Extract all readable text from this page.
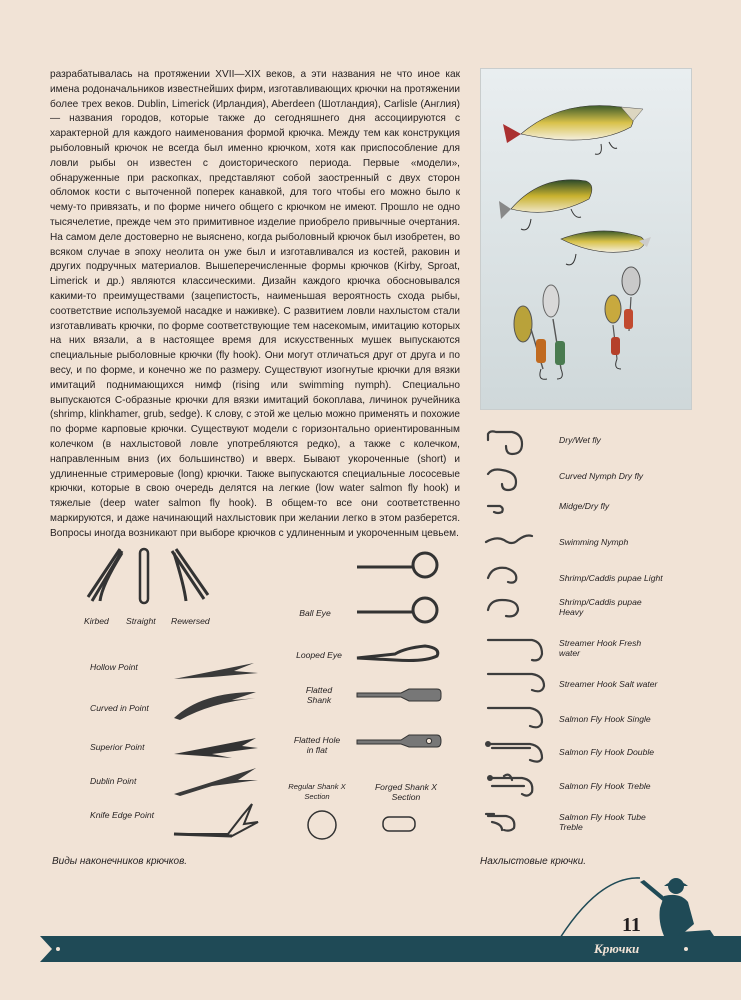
разрабатывалась на протяжении XVII—XIX веков, а эти названия не что иное как имена родоначальников известнейших фирм, изготавливающих крючки на протяжении более трех веков. Dublin, Limerick (Ирландия), Aberdeen (Шотландия), Carlisle (Англия) — названия городов, которые также до сегодняшнего дня ассоциируются с характерной для каждого наименования формой крючка. Между тем как конструкция рыболовный крючок не всегда был именно крючком, хотя как приспособление для ловли рыбы он известен с доисторического периода. Первые «модели», обнаруженные при раскопках, представляют собой заостренный с двух сторон обломок кости с выточенной поперек канавкой, для того чтобы его можно было к чему-то привязать, и по форме ничего общего с крючком не имеют. Прошло не одно тысячелетие, прежде чем это примитивное изделие приобрело привычные очертания. На самом деле достоверно не выяснено, когда рыболовный крючок был изобретен, во всяком случае в эпоху неолита он уже был и изготавливался из костей, раковин и других подручных материалов. Вышеперечисленные формы крючков (Kirby, Sproat, Limerick и др.) являются классическими. Дизайн каждого крючка обосновывался какими-то преимуществами (зацепистость, наименьшая вероятность схода рыбы, соответствие используемой насадке и наживке). С развитием ловли нахлыстом стали изготавливать крючки, по форме соответствующие тем насекомым, имитацию которых на них вязали, а в настоящее время для искусственных мушек выпускаются специальные рыболовные крючки (fly hook). Они могут отличаться друг от друга и по весу, и по форме, и конечно же по размеру. Существуют изогнутые крючки для вязки имитаций поднимающихся нимф (rising или swimming nymph). Специально выпускаются С-образные крючки для вязки имитаций бокоплава, личинок ручейника (shrimp, klinkhamer, grub, sedge). К слову, с этой же целью можно применять и похожие по форме карповые крючки. Существуют модели с горизонтально ориентированным колечком (в нахлыстовой ловле употребляются редко), а также с колечком, направленным вниз (их большинство) и вверх. Бывают укороченные (short) и удлиненные стримеровые (long) крючки. Также выпускаются специальные лососевые крючки, которые в свою очередь делятся на легкие (low water salmon fly hook) и тяжелые (deep water salmon fly hook). В общем-то все они соответственно маркируются, и даже начинающий нахлыстовик при желании легко в этом разберется. Вопросы иногда возникают при выборе крючков с удлиненным и укороченным цевьем.

Kirbed Straight Rewersed
Hollow Point
Curved in Point
Superior Point
Dublin Point
Knife Edge Point
Ball Eye
Looped Eye
Flatted Shank
Flatted Hole in flat
Regular Shank X Section
Forged Shank X Section
Виды наконечников крючков.
Dry/Wet fly
Curved Nymph Dry fly
Midge/Dry fly
Swimming Nymph
Shrimp/Caddis pupae Light
Shrimp/Caddis pupae Heavy
Streamer Hook Fresh water
Streamer Hook Salt water
Salmon Fly Hook Single
Salmon Fly Hook Double
Salmon Fly Hook Treble
Salmon Fly Hook Tube Treble
Нахлыстовые крючки.
11
Крючки
